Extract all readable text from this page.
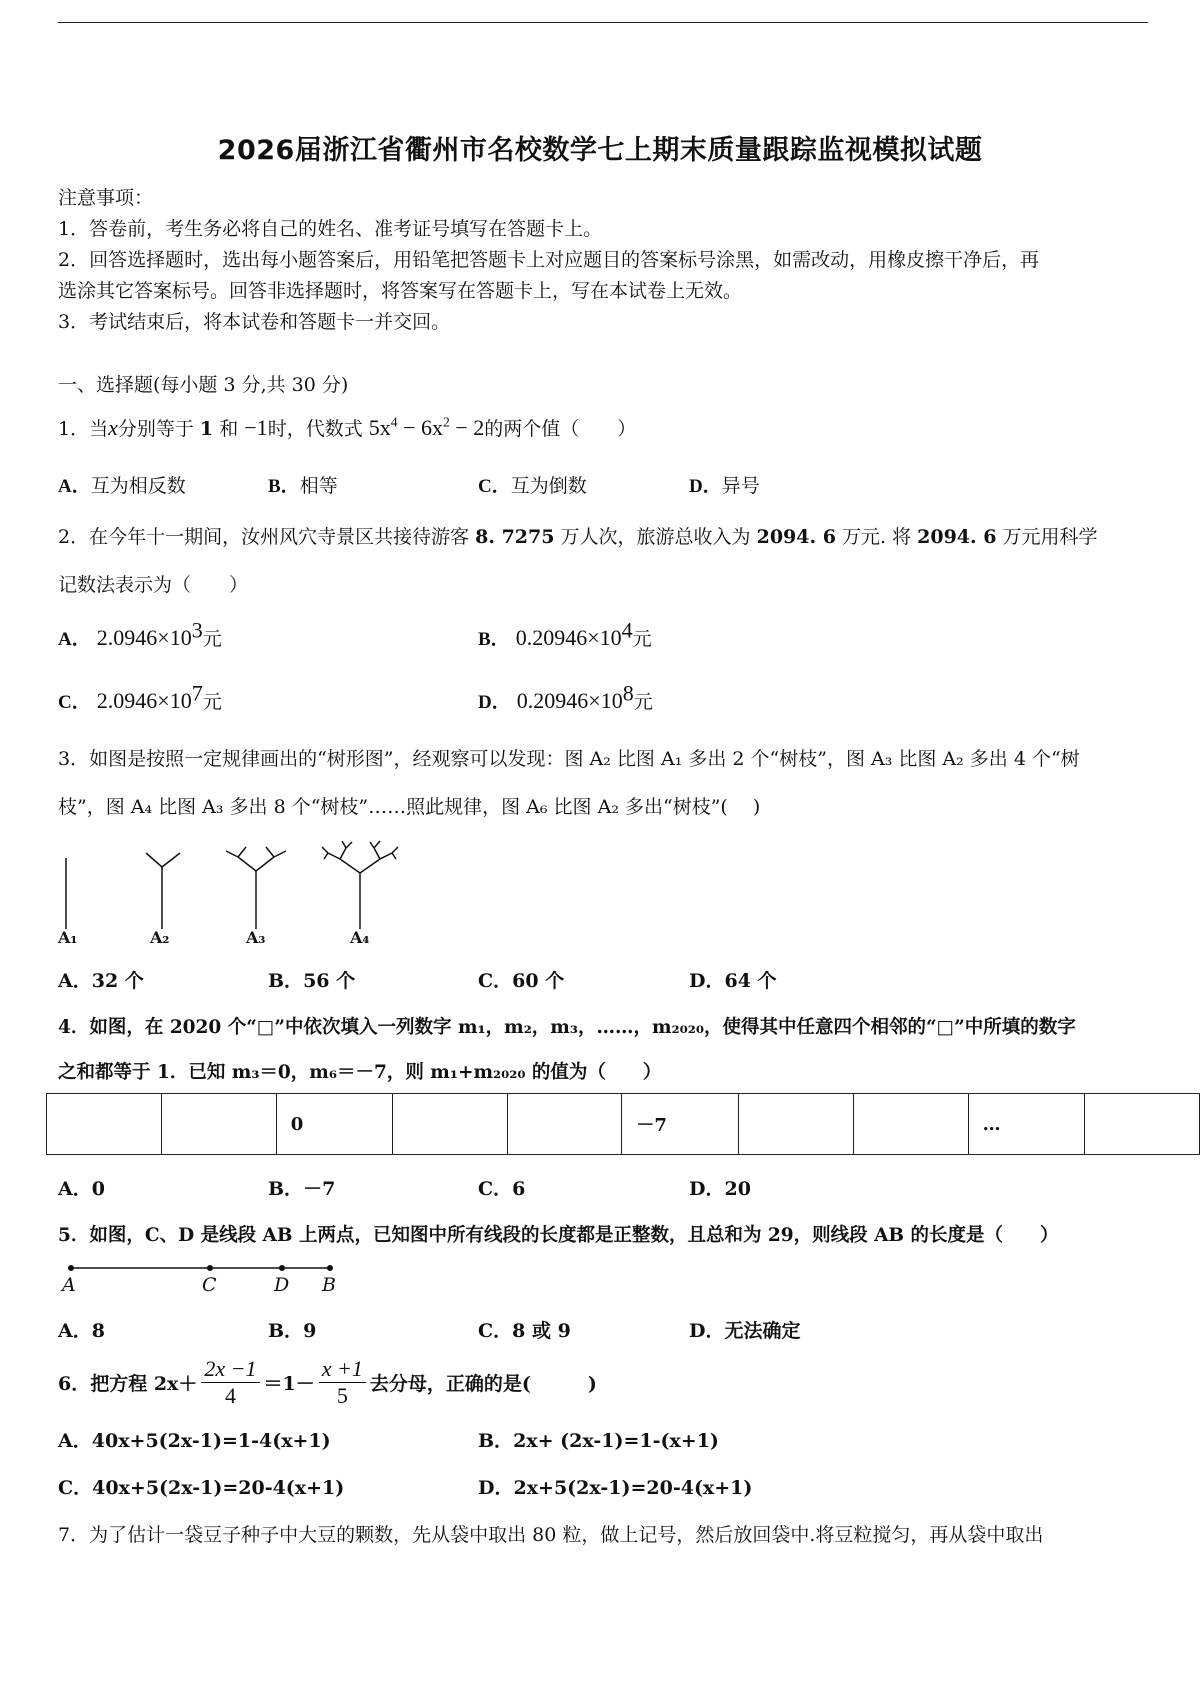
2026届浙江省衢州市名校数学七上期末质量跟踪监视模拟试题
注意事项：
1．答卷前，考生务必将自己的姓名、准考证号填写在答题卡上。
2．回答选择题时，选出每小题答案后，用铅笔把答题卡上对应题目的答案标号涂黑，如需改动，用橡皮擦干净后，再
选涂其它答案标号。回答非选择题时，将答案写在答题卡上，写在本试卷上无效。
3．考试结束后，将本试卷和答题卡一并交回。
一、选择题(每小题 3 分,共 30 分)
1．当x分别等于 1 和 −1时，代数式 $5x^4 - 6x^2 - 2$的两个值（　　）
A．互为相反数	B．相等	C．互为倒数	D．异号
2．在今年十一期间，汝州风穴寺景区共接待游客 8. 7275 万人次，旅游总收入为 2094. 6 万元. 将 2094. 6 万元用科学
记数法表示为（　　）
A． $2.0946\times 10^3$元	B． $0.20946\times 10^4$元
C． $2.0946\times 10^7$元	D． $0.20946\times 10^8$元
3．如图是按照一定规律画出的“树形图”，经观察可以发现：图 A₂ 比图 A₁ 多出 2 个“树枝”，图 A₃ 比图 A₂ 多出 4 个“树
枝”，图 A₄ 比图 A₃ 多出 8 个“树枝”……照此规律，图 A₆ 比图 A₂ 多出“树枝”(　 )
A₁	A₂	A₃	A₄
A．32 个	B．56 个	C．60 个	D．64 个
4．如图，在 2020 个“□”中依次填入一列数字 m₁，m₂，m₃，……，m₂₀₂₀，使得其中任意四个相邻的“□”中所填的数字
之和都等于 1．已知 m₃＝0，m₆＝－7，则 m₁+m₂₀₂₀ 的值为（　　）
		0			－7			…	
A．0	B．－7	C．6	D．20
5．如图，C、D 是线段 AB 上两点，已知图中所有线段的长度都是正整数，且总和为 29，则线段 AB 的长度是（　　）
A	C	D B
A．8	B．9	C．8 或 9	D．无法确定
6．把方程 $2x+ \frac{2x -1}{4} =1- \frac{x +1}{5}$ 去分母，正确的是(　　　)
A．40x+5(2x-1)=1-4(x+1)	B．2x+ (2x-1)=1-(x+1)
C．40x+5(2x-1)=20-4(x+1)	D．2x+5(2x-1)=20-4(x+1)
7．为了估计一袋豆子种子中大豆的颗数，先从袋中取出 80 粒，做上记号，然后放回袋中.将豆粒搅匀，再从袋中取出
